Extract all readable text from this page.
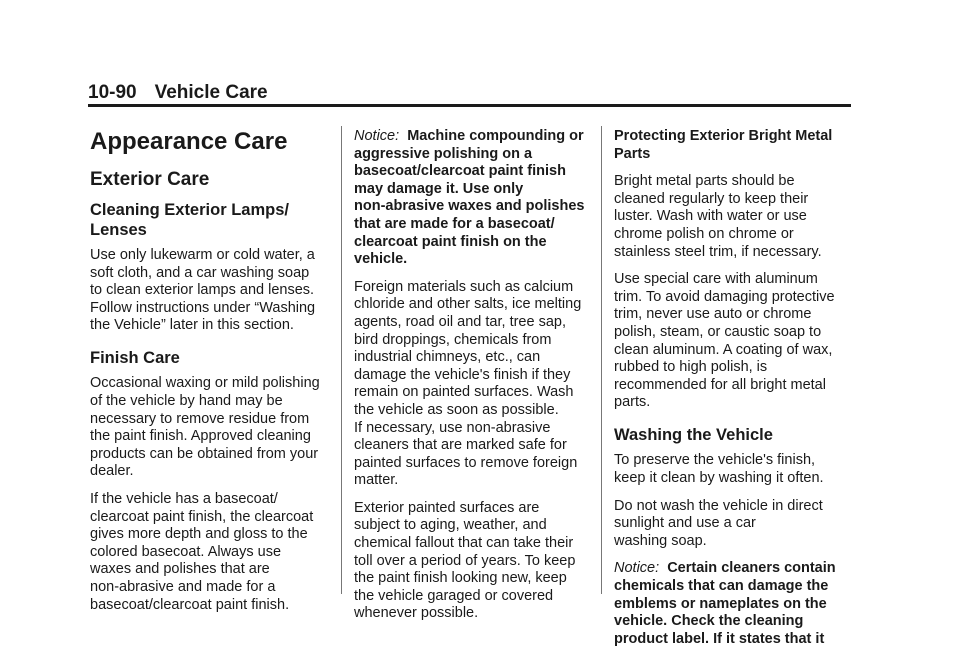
10-90 Vehicle Care
Appearance Care
Exterior Care
Cleaning Exterior Lamps/
Lenses

Use only lukewarm or cold water, a
soft cloth, and a car washing soap
to clean exterior lamps and lenses.
Follow instructions under “Washing
the Vehicle” later in this section.

Finish Care

Occasional waxing or mild polishing
of the vehicle by hand may be
necessary to remove residue from
the paint finish. Approved cleaning
products can be obtained from your
dealer.

If the vehicle has a basecoat/
clearcoat paint finish, the clearcoat
gives more depth and gloss to the
colored basecoat. Always use
waxes and polishes that are
non-abrasive and made for a
basecoat/clearcoat paint finish.

Notice: Machine compounding or
aggressive polishing on a
basecoat/clearcoat paint finish
may damage it. Use only
non-abrasive waxes and polishes
that are made for a basecoat/
clearcoat paint finish on the
vehicle.

Foreign materials such as calcium
chloride and other salts, ice melting
agents, road oil and tar, tree sap,
bird droppings, chemicals from
industrial chimneys, etc., can
damage the vehicle's finish if they
remain on painted surfaces. Wash
the vehicle as soon as possible.
If necessary, use non-abrasive
cleaners that are marked safe for
painted surfaces to remove foreign
matter.

Exterior painted surfaces are
subject to aging, weather, and
chemical fallout that can take their
toll over a period of years. To keep
the paint finish looking new, keep
the vehicle garaged or covered
whenever possible.

Protecting Exterior Bright Metal
Parts

Bright metal parts should be
cleaned regularly to keep their
luster. Wash with water or use
chrome polish on chrome or
stainless steel trim, if necessary.

Use special care with aluminum
trim. To avoid damaging protective
trim, never use auto or chrome
polish, steam, or caustic soap to
clean aluminum. A coating of wax,
rubbed to high polish, is
recommended for all bright metal
parts.

Washing the Vehicle

To preserve the vehicle's finish,
keep it clean by washing it often.

Do not wash the vehicle in direct
sunlight and use a car
washing soap.

Notice: Certain cleaners contain
chemicals that can damage the
emblems or nameplates on the
vehicle. Check the cleaning
product label. If it states that it
